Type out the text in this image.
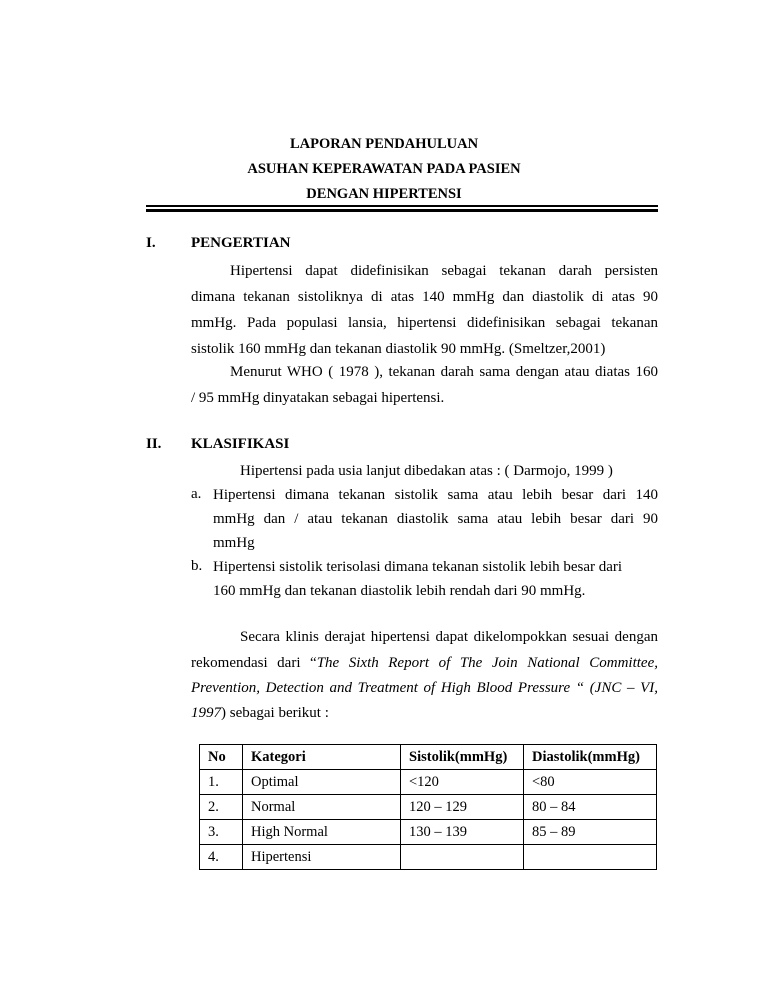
LAPORAN PENDAHULUAN
ASUHAN KEPERAWATAN PADA PASIEN
DENGAN HIPERTENSI
I. PENGERTIAN
Hipertensi dapat didefinisikan sebagai tekanan darah persisten
dimana tekanan sistoliknya di atas 140 mmHg dan diastolik di atas 90
mmHg. Pada populasi lansia, hipertensi didefinisikan sebagai tekanan
sistolik 160 mmHg dan tekanan diastolik 90 mmHg. (Smeltzer,2001)
Menurut WHO ( 1978 ), tekanan darah sama dengan atau diatas 160
/ 95 mmHg dinyatakan sebagai hipertensi.
II. KLASIFIKASI
Hipertensi pada usia lanjut dibedakan atas : ( Darmojo, 1999 )
a. Hipertensi dimana tekanan sistolik sama atau lebih besar dari 140
mmHg dan / atau tekanan diastolik sama atau lebih besar dari 90
mmHg
b. Hipertensi sistolik terisolasi dimana tekanan sistolik lebih besar dari
160 mmHg dan tekanan diastolik lebih rendah dari 90 mmHg.
Secara klinis derajat hipertensi dapat dikelompokkan sesuai dengan
rekomendasi dari “The Sixth Report of The Join National Committee,
Prevention, Detection and Treatment of High Blood Pressure “ (JNC – VI,
1997) sebagai berikut :
No	Kategori	Sistolik(mmHg)	Diastolik(mmHg)
1.	Optimal	<120	<80
2.	Normal	120 – 129	80 – 84
3.	High Normal	130 – 139	85 – 89
4.	Hipertensi		
